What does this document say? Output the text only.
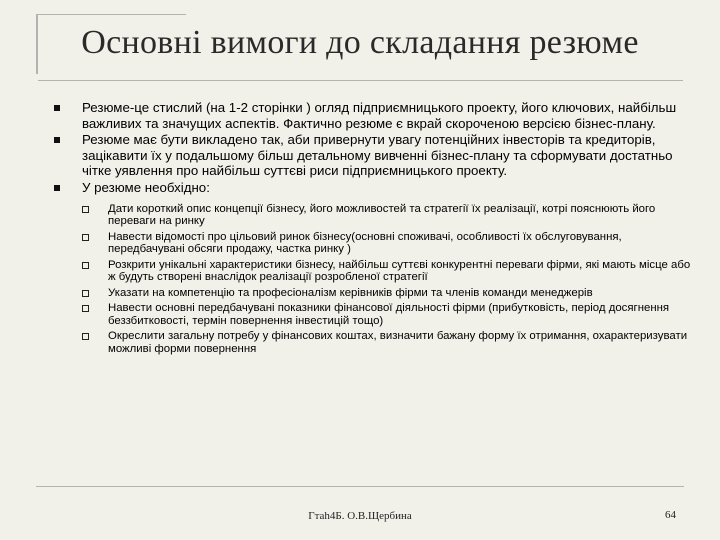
Основні вимоги до складання резюме
Резюме-це стислий (на 1-2 сторінки ) огляд підприємницького проекту, його ключових, найбільш важливих та значущих аспектів. Фактично резюме є вкрай скороченою версією бізнес-плану.
Резюме має бути викладено так, аби привернути увагу потенційних інвесторів та кредиторів, зацікавити їх у подальшому більш детальному вивченні бізнес-плану та сформувати достатньо чітке уявлення про найбільш суттєві риси підприємницького проекту.
У резюме необхідно:
Дати короткий опис концепції бізнесу, його можливостей та стратегії їх реалізації, котрі пояснюють його переваги на ринку
Навести відомості про цільовий ринок бізнесу(основні споживачі, особливості їх обслуговування, передбачувані обсяги продажу, частка ринку )
Розкрити унікальні характеристики бізнесу, найбільш суттєві конкурентні переваги фірми, які мають місце або ж будуть створені внаслідок реалізації розробленої стратегії
Указати на компетенцію та професіоналізм керівників фірми та членів команди менеджерів
Навести основні передбачувані показники фінансової діяльності фірми (прибутковість, період досягнення беззбитковості, термін повернення інвестицій тощо)
Окреслити загальну потребу у фінансових коштах, визначити бажану форму їх отримання, охарактеризувати можливі форми повернення
Гтаh4Б. О.В.Щербина	64
